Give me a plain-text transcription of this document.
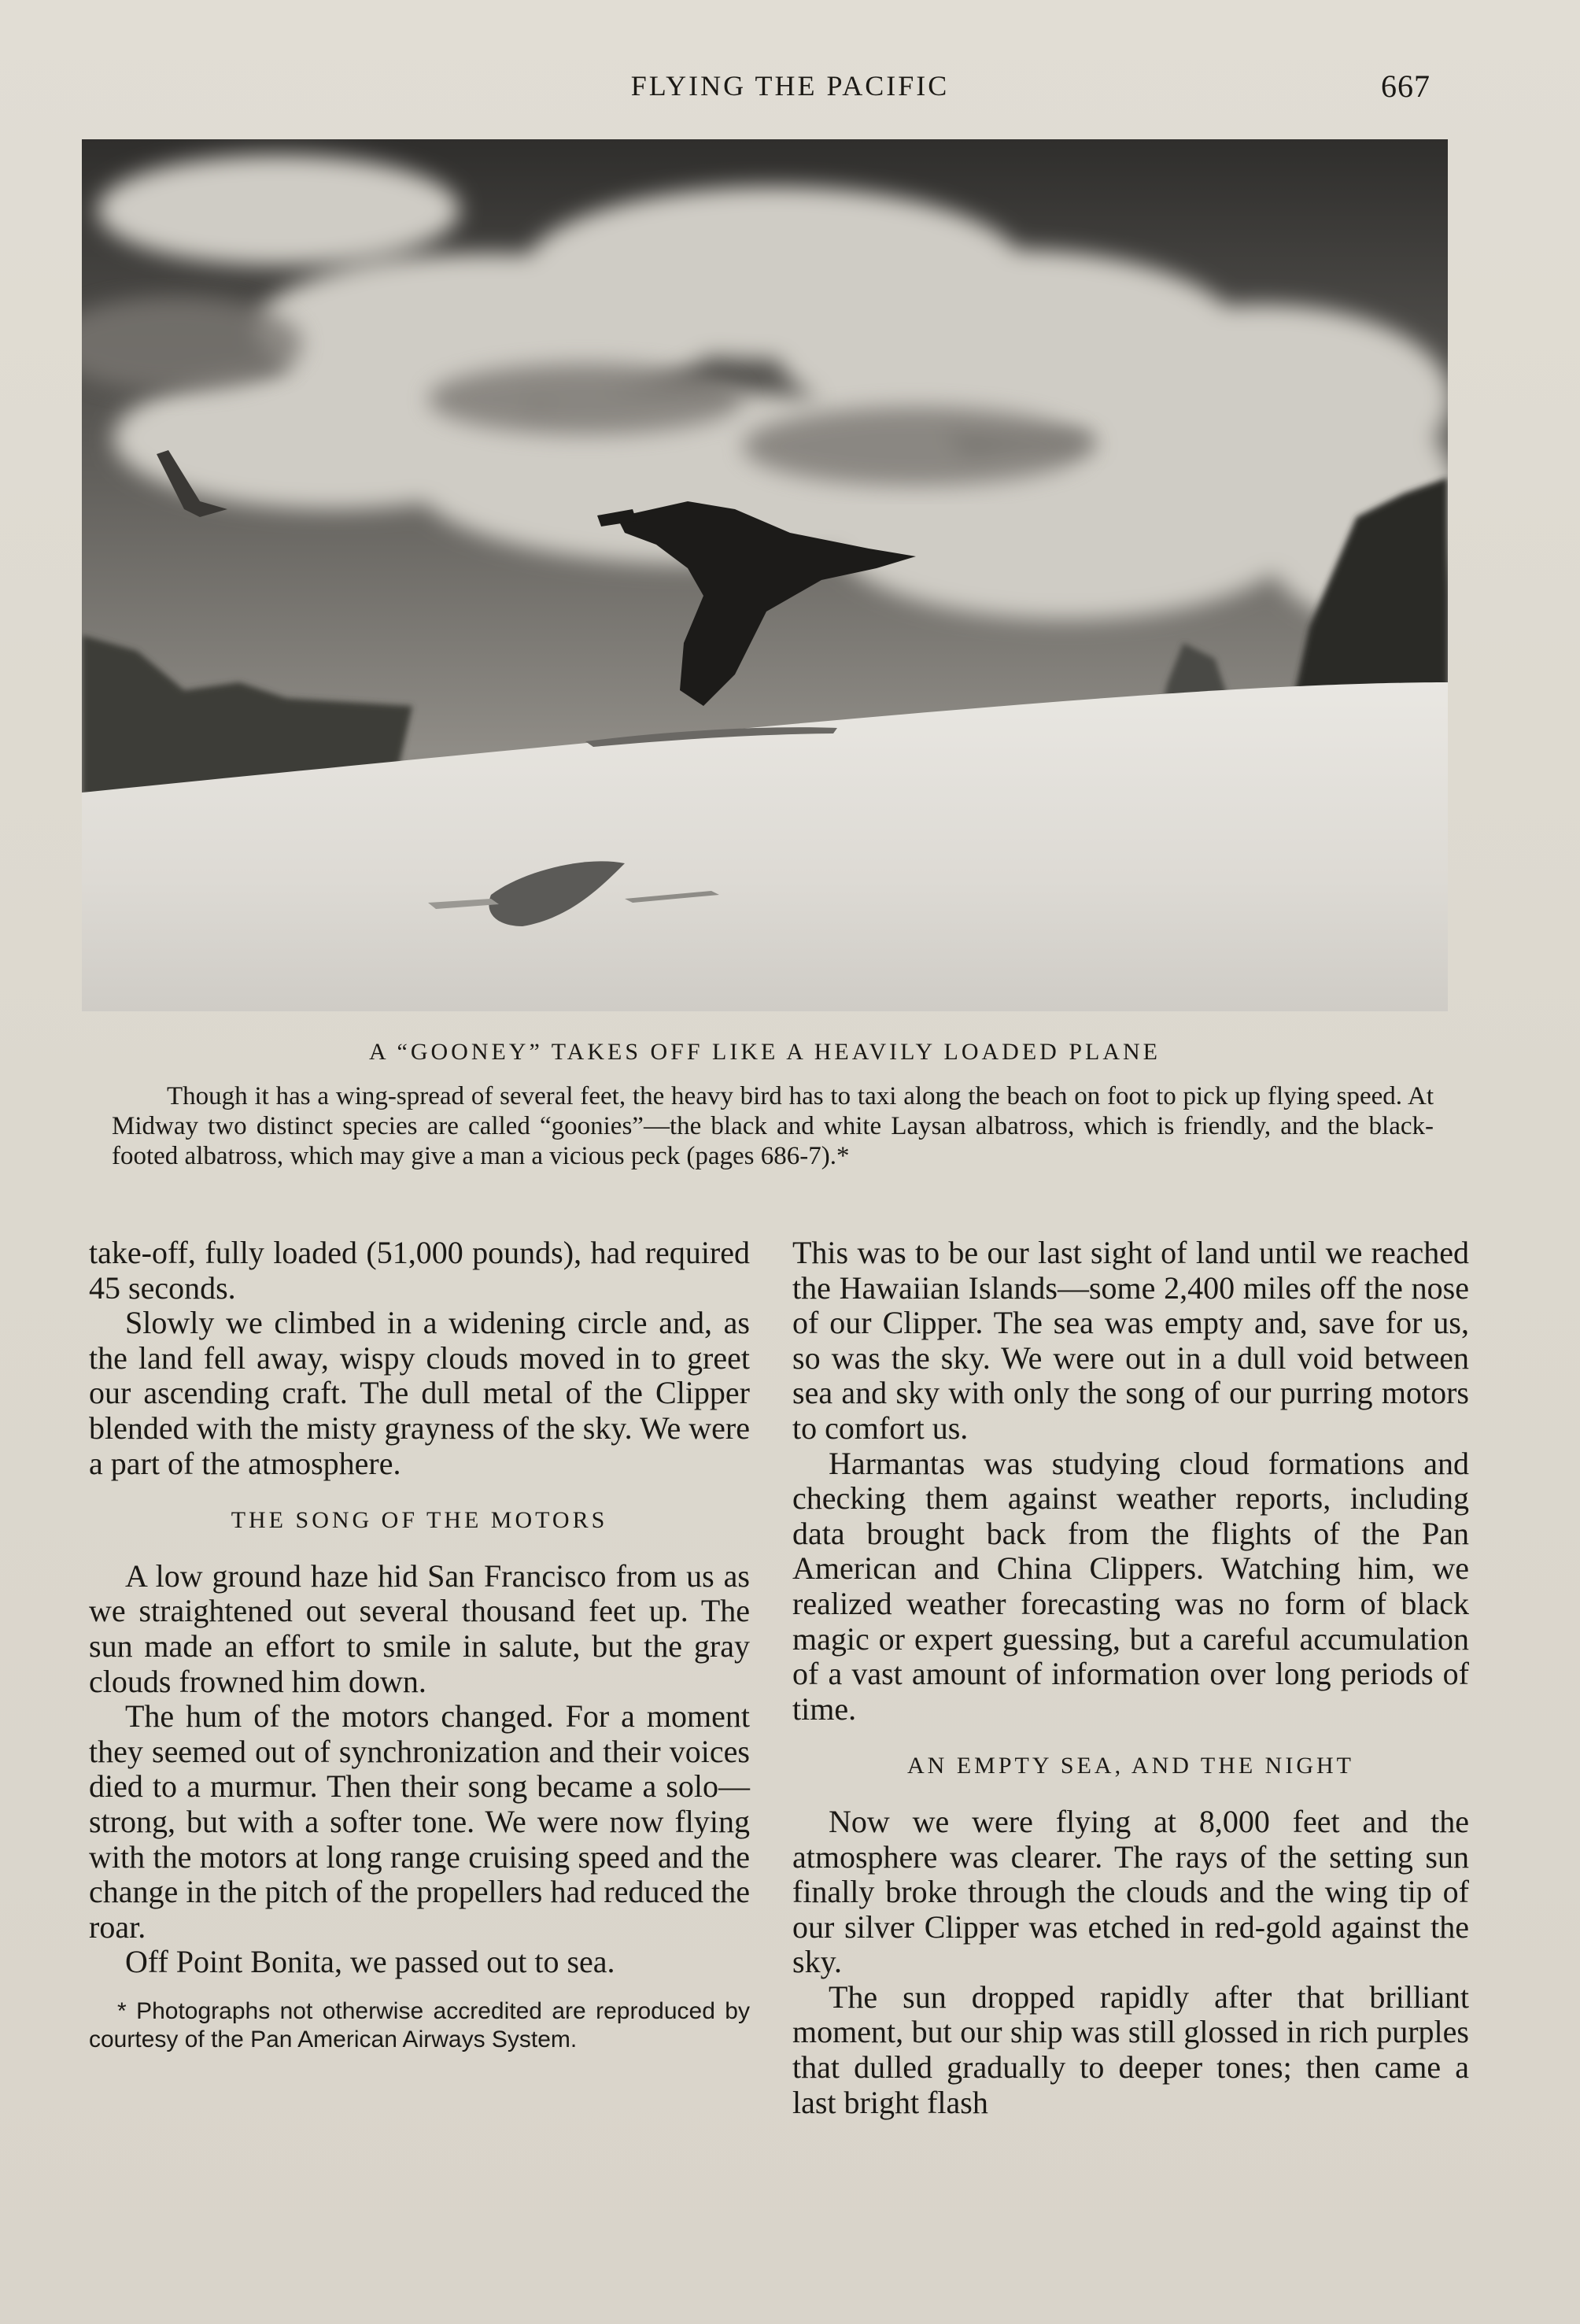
FLYING THE PACIFIC	667
A “GOONEY” TAKES OFF LIKE A HEAVILY LOADED PLANE
Though it has a wing-spread of several feet, the heavy bird has to taxi along the beach on foot to pick up flying speed. At Midway two distinct species are called “goonies”—the black and white Laysan albatross, which is friendly, and the black-footed albatross, which may give a man a vicious peck (pages 686-7).*

take-off, fully loaded (51,000 pounds), had required 45 seconds.

Slowly we climbed in a widening circle and, as the land fell away, wispy clouds moved in to greet our ascending craft. The dull metal of the Clipper blended with the misty grayness of the sky. We were a part of the atmosphere.

THE SONG OF THE MOTORS

A low ground haze hid San Francisco from us as we straightened out several thousand feet up. The sun made an effort to smile in salute, but the gray clouds frowned him down.

The hum of the motors changed. For a moment they seemed out of synchronization and their voices died to a murmur. Then their song became a solo—strong, but with a softer tone. We were now flying with the motors at long range cruising speed and the change in the pitch of the propellers had reduced the roar.

Off Point Bonita, we passed out to sea.

* Photographs not otherwise accredited are reproduced by courtesy of the Pan American Airways System.

This was to be our last sight of land until we reached the Hawaiian Islands—some 2,400 miles off the nose of our Clipper. The sea was empty and, save for us, so was the sky. We were out in a dull void between sea and sky with only the song of our purring motors to comfort us.

Harmantas was studying cloud formations and checking them against weather reports, including data brought back from the flights of the Pan American and China Clippers. Watching him, we realized weather forecasting was no form of black magic or expert guessing, but a careful accumulation of a vast amount of information over long periods of time.

AN EMPTY SEA, AND THE NIGHT

Now we were flying at 8,000 feet and the atmosphere was clearer. The rays of the setting sun finally broke through the clouds and the wing tip of our silver Clipper was etched in red-gold against the sky.

The sun dropped rapidly after that brilliant moment, but our ship was still glossed in rich purples that dulled gradually to deeper tones; then came a last bright flash
